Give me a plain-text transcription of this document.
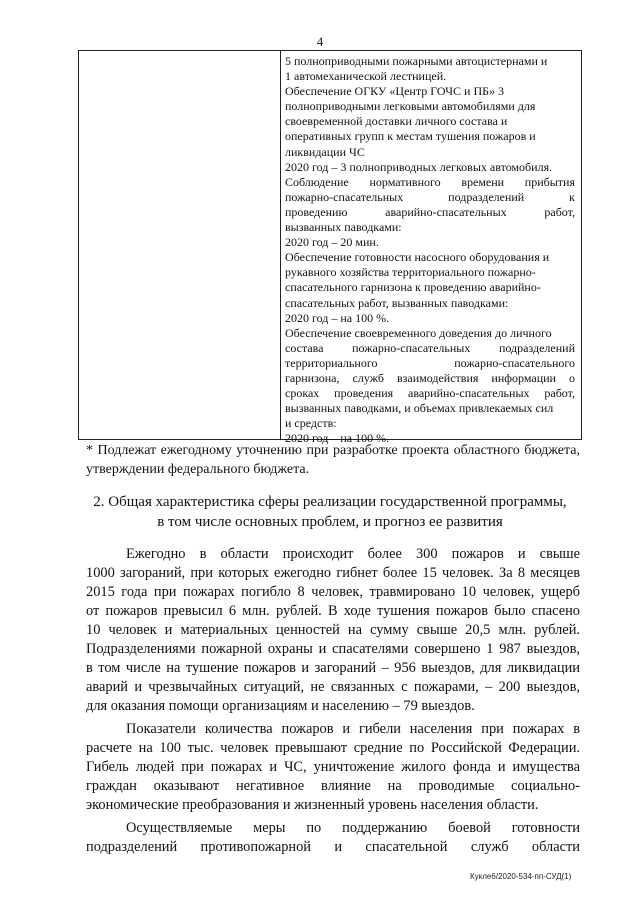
4
5 полноприводными пожарными автоцистернами и
1 автомеханической лестницей.
Обеспечение ОГКУ «Центр ГОЧС и ПБ» 3
полноприводными легковыми автомобилями для
своевременной доставки личного состава и
оперативных групп к местам тушения пожаров и
ликвидации ЧС
2020 год – 3 полноприводных легковых автомобиля.
Соблюдение нормативного времени прибытия
пожарно-спасательных подразделений к
проведению аварийно-спасательных работ,
вызванных паводками:
2020 год – 20 мин.
Обеспечение готовности насосного оборудования и
рукавного хозяйства территориального пожарно-
спасательного гарнизона к проведению аварийно-
спасательных работ, вызванных паводками:
2020 год – на 100 %.
Обеспечение своевременного доведения до личного
состава пожарно-спасательных подразделений
территориального пожарно-спасательного
гарнизона, служб взаимодействия информации о
сроках проведения аварийно-спасательных работ,
вызванных паводками, и объемах привлекаемых сил
и средств:
2020 год – на 100 %.
* Подлежат ежегодному уточнению при разработке проекта областного бюджета,
утверждении федерального бюджета.
2. Общая характеристика сферы реализации государственной программы,
в том числе основных проблем, и прогноз ее развития
Ежегодно в области происходит более 300 пожаров и свыше
1000 загораний, при которых ежегодно гибнет более 15 человек. За 8 месяцев
2015 года при пожарах погибло 8 человек, травмировано 10 человек, ущерб
от пожаров превысил 6 млн. рублей. В ходе тушения пожаров было спасено
10 человек и материальных ценностей на сумму свыше 20,5 млн. рублей.
Подразделениями пожарной охраны и спасателями совершено 1 987 выездов,
в том числе на тушение пожаров и загораний – 956 выездов, для ликвидации
аварий и чрезвычайных ситуаций, не связанных с пожарами, – 200 выездов,
для оказания помощи организациям и населению – 79 выездов.
Показатели количества пожаров и гибели населения при пожарах в
расчете на 100 тыс. человек превышают средние по Российской Федерации.
Гибель людей при пожарах и ЧС, уничтожение жилого фонда и имущества
граждан оказывают негативное влияние на проводимые социально-
экономические преобразования и жизненный уровень населения области.
Осуществляемые меры по поддержанию боевой готовности
подразделений противопожарной и спасательной служб области
Кукле6/2020-534-пп-СУД(1)
